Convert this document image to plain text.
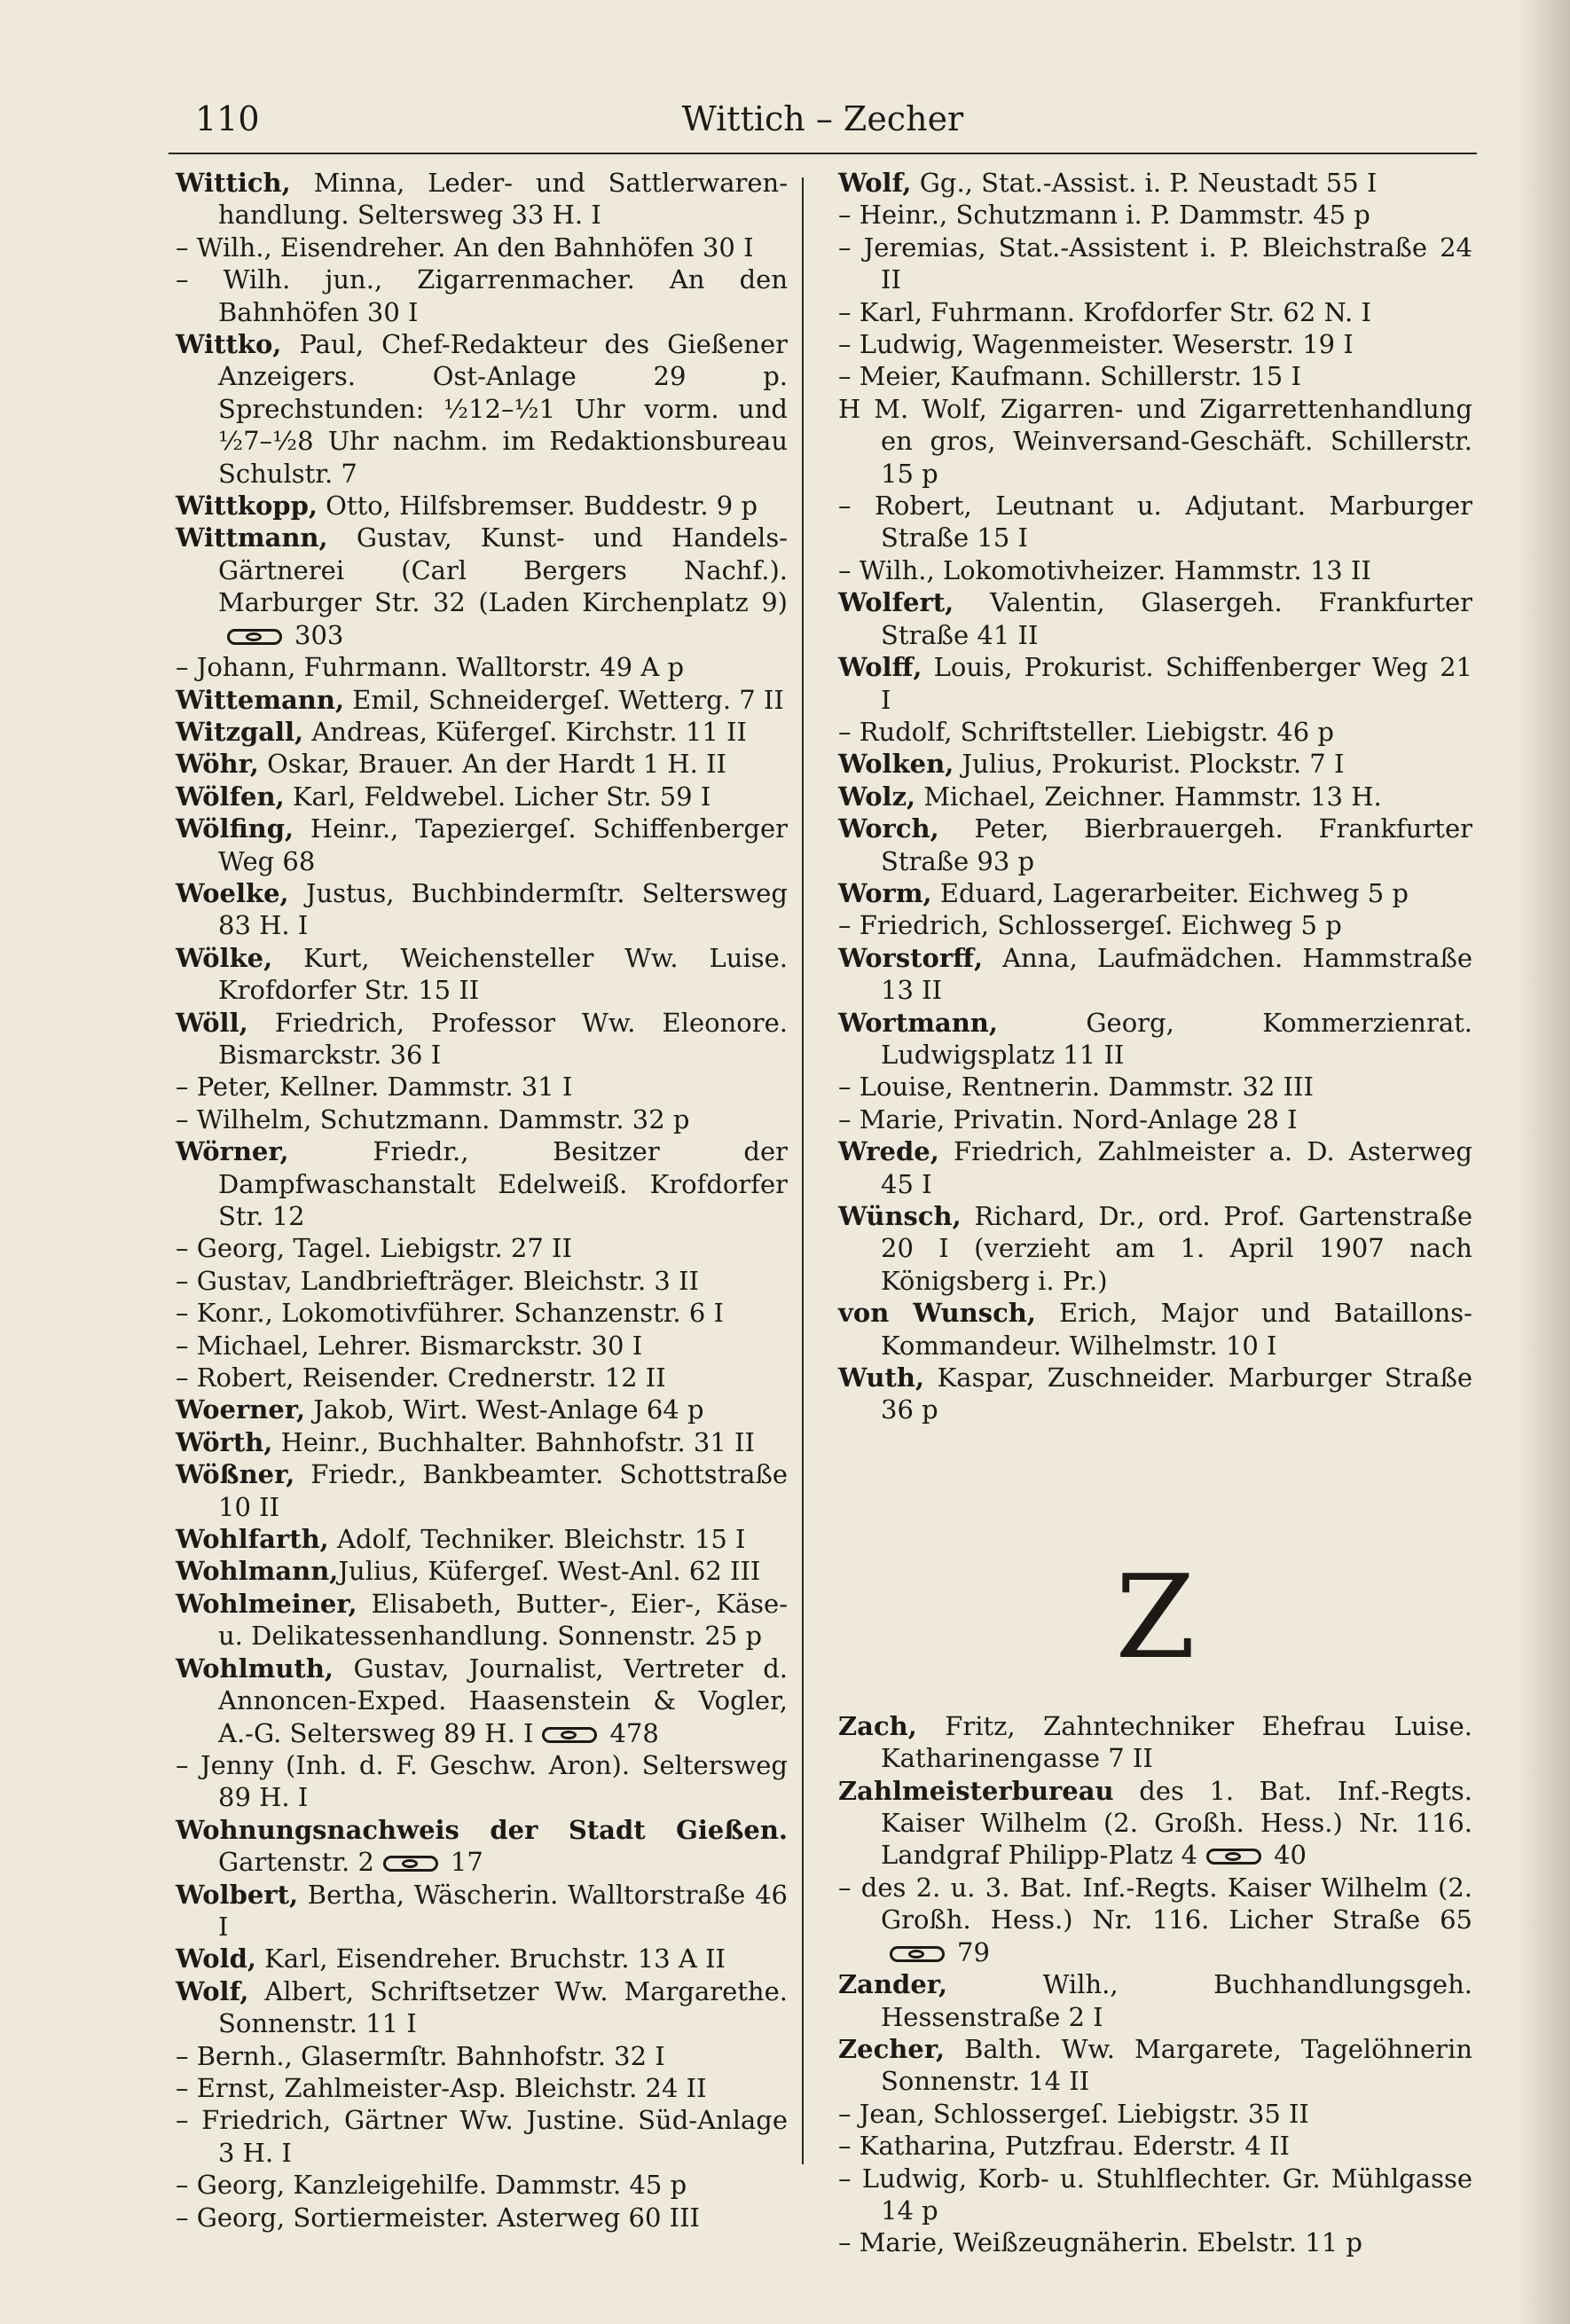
110	Wittich – Zecher
Wittich, Minna, Leder- und Sattlerwaren-handlung. Seltersweg 33 H. I
– Wilh., Eisendreher. An den Bahnhöfen 30 I
– Wilh. jun., Zigarrenmacher. An den Bahnhöfen 30 I
Wittko, Paul, Chef-Redakteur des Gießener Anzeigers. Ost-Anlage 29 p. Sprechstunden: ½12–½1 Uhr vorm. und ½7–½8 Uhr nachm. im Redaktionsbureau Schulstr. 7
Wittkopp, Otto, Hilfsbremser. Buddestr. 9 p
Wittmann, Gustav, Kunst- und Handels-Gärtnerei (Carl Bergers Nachf.). Marburger Str. 32 (Laden Kirchenplatz 9)303
– Johann, Fuhrmann. Walltorstr. 49 A p
Wittemann, Emil, Schneidergeſ. Wetterg. 7 II
Witzgall, Andreas, Küfergeſ. Kirchstr. 11 II
Wöhr, Oskar, Brauer. An der Hardt 1 H. II
Wölfen, Karl, Feldwebel. Licher Str. 59 I
Wölfing, Heinr., Tapeziergeſ. Schiffenberger Weg 68
Woelke, Justus, Buchbindermſtr. Seltersweg 83 H. I
Wölke, Kurt, Weichensteller Ww. Luise. Krofdorfer Str. 15 II
Wöll, Friedrich, Professor Ww. Eleonore. Bismarckstr. 36 I
– Peter, Kellner. Dammstr. 31 I
– Wilhelm, Schutzmann. Dammstr. 32 p
Wörner, Friedr., Besitzer der Dampfwaschanstalt Edelweiß. Krofdorfer Str. 12
– Georg, Tagel. Liebigstr. 27 II
– Gustav, Landbriefträger. Bleichstr. 3 II
– Konr., Lokomotivführer. Schanzenstr. 6 I
– Michael, Lehrer. Bismarckstr. 30 I
– Robert, Reisender. Crednerstr. 12 II
Woerner, Jakob, Wirt. West-Anlage 64 p
Wörth, Heinr., Buchhalter. Bahnhofstr. 31 II
Wößner, Friedr., Bankbeamter. Schottstraße 10 II
Wohlfarth, Adolf, Techniker. Bleichstr. 15 I
Wohlmann,Julius, Küfergeſ. West-Anl. 62 III
Wohlmeiner, Elisabeth, Butter-, Eier-, Käse- u. Delikatessenhandlung. Sonnenstr. 25 p
Wohlmuth, Gustav, Journalist, Vertreter d. Annoncen-Exped. Haasenstein & Vogler, A.-G. Seltersweg 89 H. I	478
– Jenny (Inh. d. F. Geschw. Aron). Seltersweg 89 H. I
Wohnungsnachweis der Stadt Gießen. Gartenstr. 2	17
Wolbert, Bertha, Wäscherin. Walltorstraße 46 I
Wold, Karl, Eisendreher. Bruchstr. 13 A II
Wolf, Albert, Schriftsetzer Ww. Margarethe. Sonnenstr. 11 I
– Bernh., Glasermſtr. Bahnhofstr. 32 I
– Ernst, Zahlmeister-Asp. Bleichstr. 24 II
– Friedrich, Gärtner Ww. Justine. Süd-Anlage 3 H. I
– Georg, Kanzleigehilfe. Dammstr. 45 p
– Georg, Sortiermeister. Asterweg 60 III
Wolf, Gg., Stat.-Assist. i. P. Neustadt 55 I
– Heinr., Schutzmann i. P. Dammstr. 45 p
– Jeremias, Stat.-Assistent i. P. Bleichstraße 24 II
– Karl, Fuhrmann. Krofdorfer Str. 62 N. I
– Ludwig, Wagenmeister. Weserstr. 19 I
– Meier, Kaufmann. Schillerstr. 15 I
H M. Wolf, Zigarren- und Zigarrettenhandlung en gros, Weinversand-Geschäft. Schillerstr. 15 p
– Robert, Leutnant u. Adjutant. Marburger Straße 15 I
– Wilh., Lokomotivheizer. Hammstr. 13 II
Wolfert, Valentin, Glasergeh. Frankfurter Straße 41 II
Wolff, Louis, Prokurist. Schiffenberger Weg 21 I
– Rudolf, Schriftsteller. Liebigstr. 46 p
Wolken, Julius, Prokurist. Plockstr. 7 I
Wolz, Michael, Zeichner. Hammstr. 13 H.
Worch, Peter, Bierbrauergeh. Frankfurter Straße 93 p
Worm, Eduard, Lagerarbeiter. Eichweg 5 p
– Friedrich, Schlossergeſ. Eichweg 5 p
Worstorff, Anna, Laufmädchen. Hammstraße 13 II
Wortmann, Georg, Kommerzienrat. Ludwigsplatz 11 II
– Louise, Rentnerin. Dammstr. 32 III
– Marie, Privatin. Nord-Anlage 28 I
Wrede, Friedrich, Zahlmeister a. D. Asterweg 45 I
Wünsch, Richard, Dr., ord. Prof. Gartenstraße 20 I (verzieht am 1. April 1907 nach Königsberg i. Pr.)
von Wunsch, Erich, Major und Bataillons-Kommandeur. Wilhelmstr. 10 I
Wuth, Kaspar, Zuschneider. Marburger Straße 36 p
Z
Zach, Fritz, Zahntechniker Ehefrau Luise. Katharinengasse 7 II
Zahlmeisterbureau des 1. Bat. Inf.-Regts. Kaiser Wilhelm (2. Großh. Hess.) Nr. 116. Landgraf Philipp-Platz 4	40
– des 2. u. 3. Bat. Inf.-Regts. Kaiser Wilhelm (2. Großh. Hess.) Nr. 116. Licher Straße 6579
Zander, Wilh., Buchhandlungsgeh. Hessenstraße 2 I
Zecher, Balth. Ww. Margarete, Tagelöhnerin Sonnenstr. 14 II
– Jean, Schlossergeſ. Liebigstr. 35 II
– Katharina, Putzfrau. Ederstr. 4 II
– Ludwig, Korb- u. Stuhlflechter. Gr. Mühlgasse 14 p
– Marie, Weißzeugnäherin. Ebelstr. 11 p
